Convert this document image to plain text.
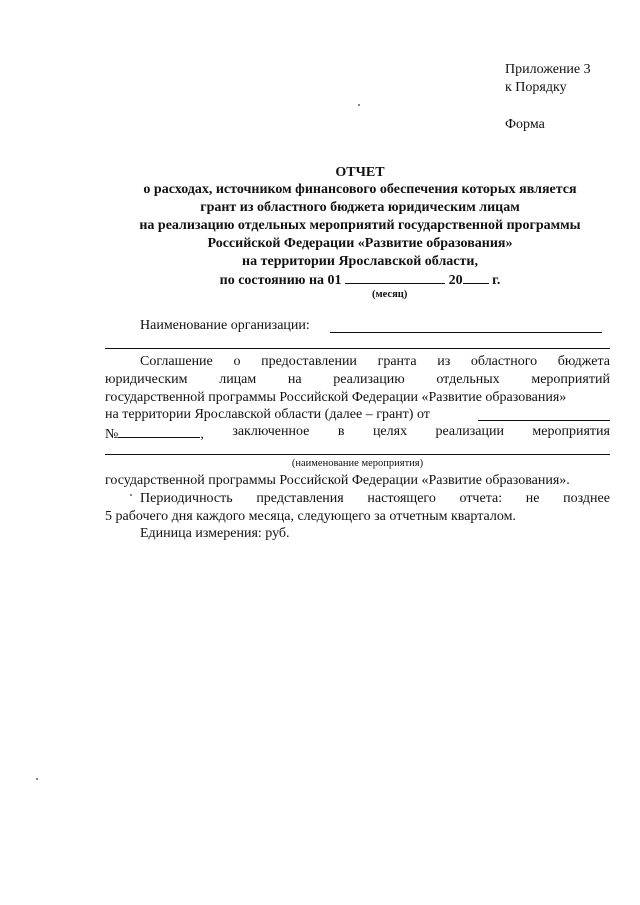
Приложение 3
к Порядку
Форма
ОТЧЕТ
о расходах, источником финансового обеспечения которых является
грант из областного бюджета юридическим лицам
на реализацию отдельных мероприятий государственной программы
Российской Федерации «Развитие образования»
на территории Ярославской области,
по состоянию на 01	20 г.
(месяц)
Наименование организации:
Соглашение о предоставлении гранта из областного бюджета
юридическим лицам на реализацию отдельных мероприятий
государственной программы Российской Федерации «Развитие образования»
на территории Ярославской области (далее – грант) от
№	, заключенное в целях реализации мероприятия
(наименование мероприятия)
государственной программы Российской Федерации «Развитие образования».
Периодичность представления настоящего отчета: не позднее
5 рабочего дня каждого месяца, следующего за отчетным кварталом.
Единица измерения: руб.
